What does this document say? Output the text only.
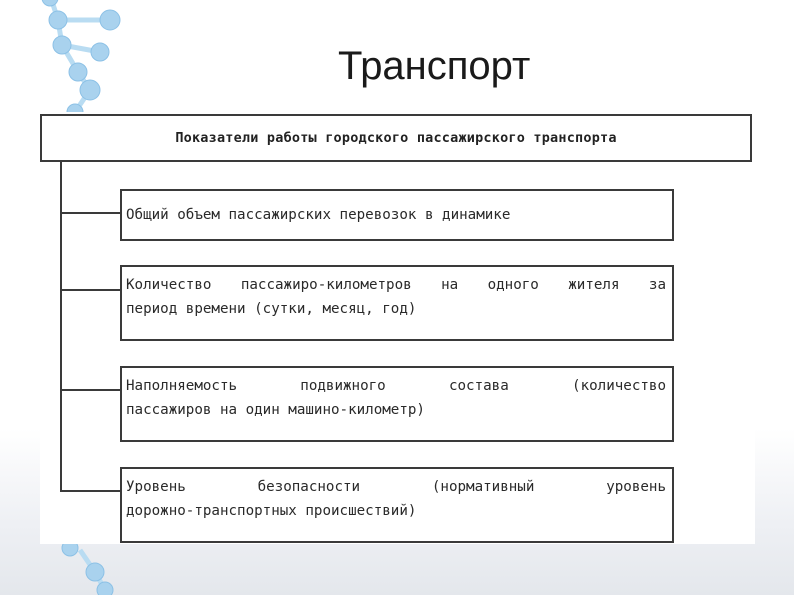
Транспорт
Показатели работы городского пассажирского транспорта
Общий объем пассажирских перевозок в динамике
Количество пассажиро-километров на одного жителя за
период времени (сутки, месяц, год)
Наполняемость подвижного состава (количество
пассажиров на один машино-километр)
Уровень безопасности (нормативный уровень
дорожно-транспортных происшествий)
